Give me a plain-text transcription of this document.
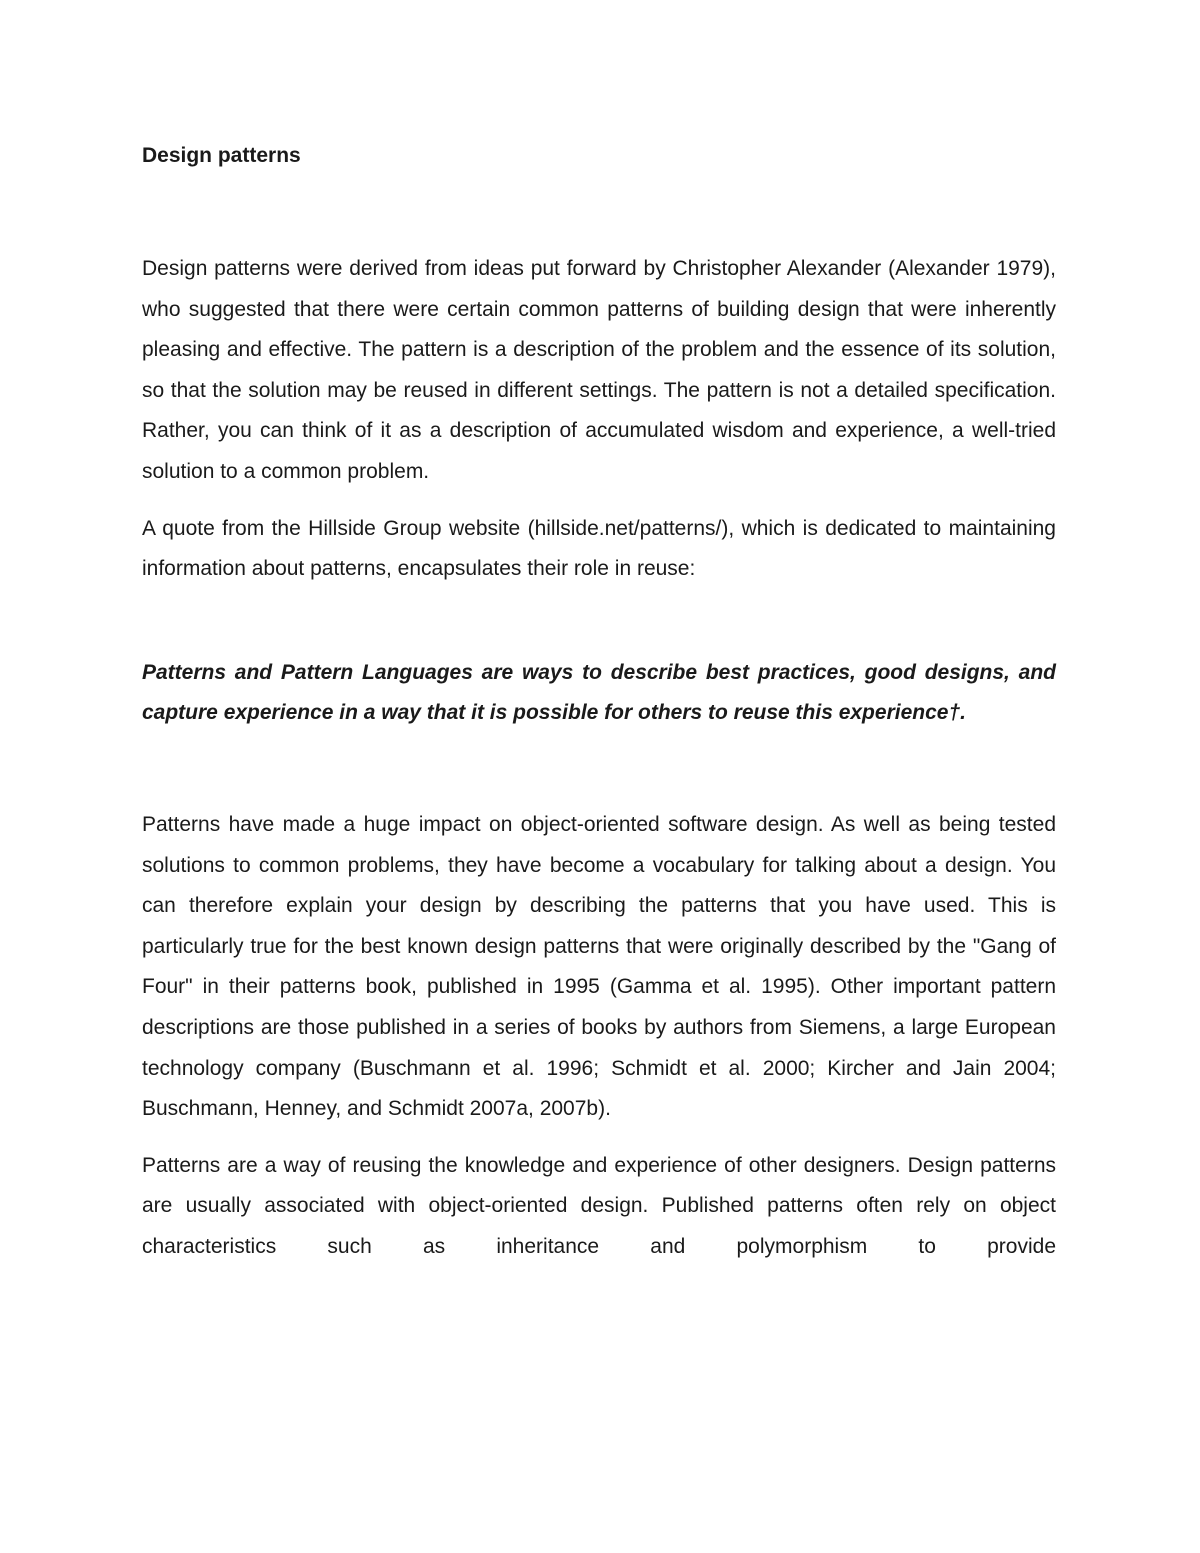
Design patterns

Design patterns were derived from ideas put forward by Christopher Alexander (Alexander 1979), who suggested that there were certain common patterns of building design that were inherently pleasing and effective. The pattern is a description of the problem and the essence of its solution, so that the solution may be reused in different settings. The pattern is not a detailed specification. Rather, you can think of it as a description of accumulated wisdom and experience, a well-tried solution to a common problem.

A quote from the Hillside Group website (hillside.net/patterns/), which is dedicated to maintaining information about patterns, encapsulates their role in reuse:

Patterns and Pattern Languages are ways to describe best practices, good designs, and capture experience in a way that it is possible for others to reuse this experience†.

Patterns have made a huge impact on object-oriented software design. As well as being tested solutions to common problems, they have become a vocabulary for talking about a design. You can therefore explain your design by describing the patterns that you have used. This is particularly true for the best known design patterns that were originally described by the "Gang of Four" in their patterns book, published in 1995 (Gamma et al. 1995). Other important pattern descriptions are those published in a series of books by authors from Siemens, a large European technology company (Buschmann et al. 1996; Schmidt et al. 2000; Kircher and Jain 2004; Buschmann, Henney, and Schmidt 2007a, 2007b).

Patterns are a way of reusing the knowledge and experience of other designers. Design patterns are usually associated with object-oriented design. Published patterns often rely on object characteristics such as inheritance and polymorphism to provide
